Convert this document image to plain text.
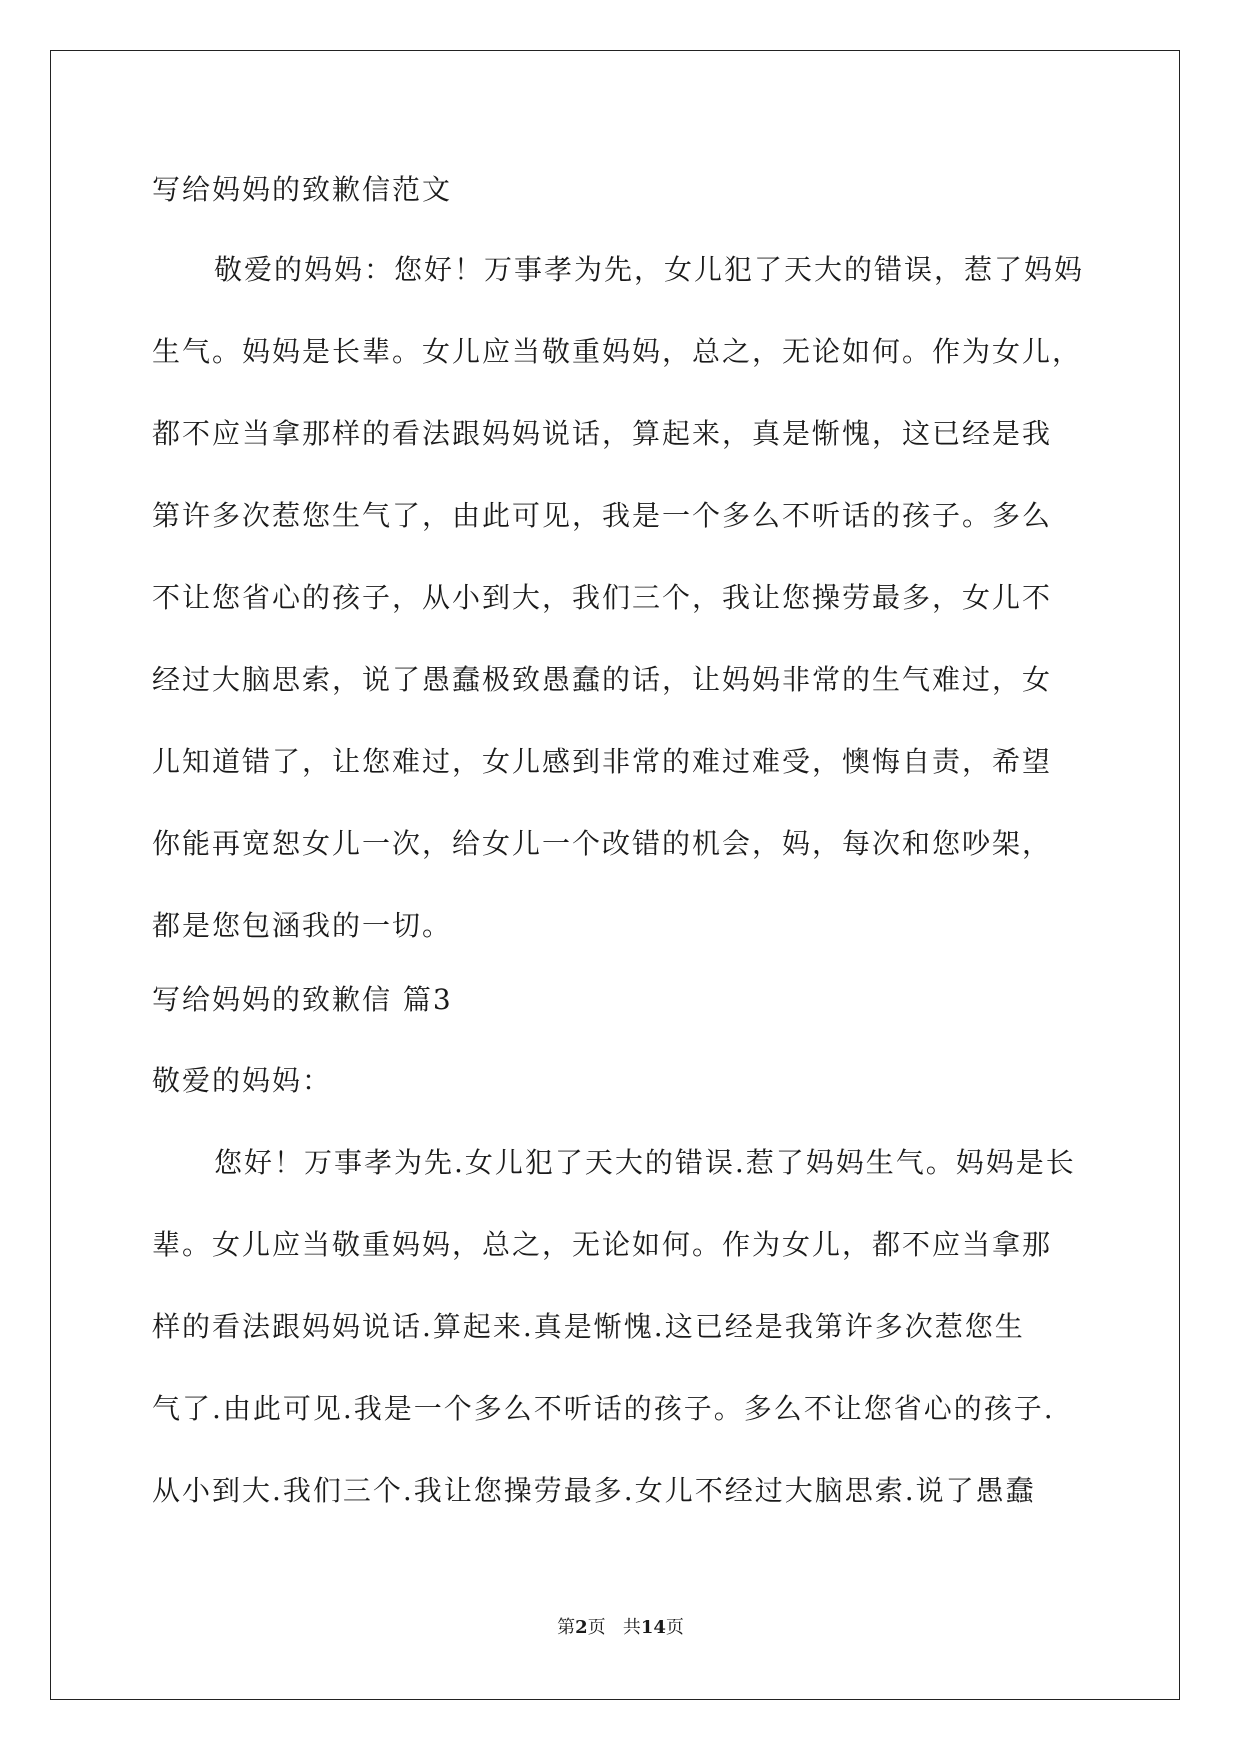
写给妈妈的致歉信范文
敬爱的妈妈：您好！万事孝为先，女儿犯了天大的错误，惹了妈妈
生气。妈妈是长辈。女儿应当敬重妈妈，总之，无论如何。作为女儿，
都不应当拿那样的看法跟妈妈说话，算起来，真是惭愧，这已经是我
第许多次惹您生气了，由此可见，我是一个多么不听话的孩子。多么
不让您省心的孩子，从小到大，我们三个，我让您操劳最多，女儿不
经过大脑思索，说了愚蠢极致愚蠢的话，让妈妈非常的生气难过，女
儿知道错了，让您难过，女儿感到非常的难过难受，懊悔自责，希望
你能再宽恕女儿一次，给女儿一个改错的机会，妈，每次和您吵架，
都是您包涵我的一切。
写给妈妈的致歉信 篇3
敬爱的妈妈：
您好！万事孝为先.女儿犯了天大的错误.惹了妈妈生气。妈妈是长
辈。女儿应当敬重妈妈，总之，无论如何。作为女儿，都不应当拿那
样的看法跟妈妈说话.算起来.真是惭愧.这已经是我第许多次惹您生
气了.由此可见.我是一个多么不听话的孩子。多么不让您省心的孩子.
从小到大.我们三个.我让您操劳最多.女儿不经过大脑思索.说了愚蠢
第2页 共14页
